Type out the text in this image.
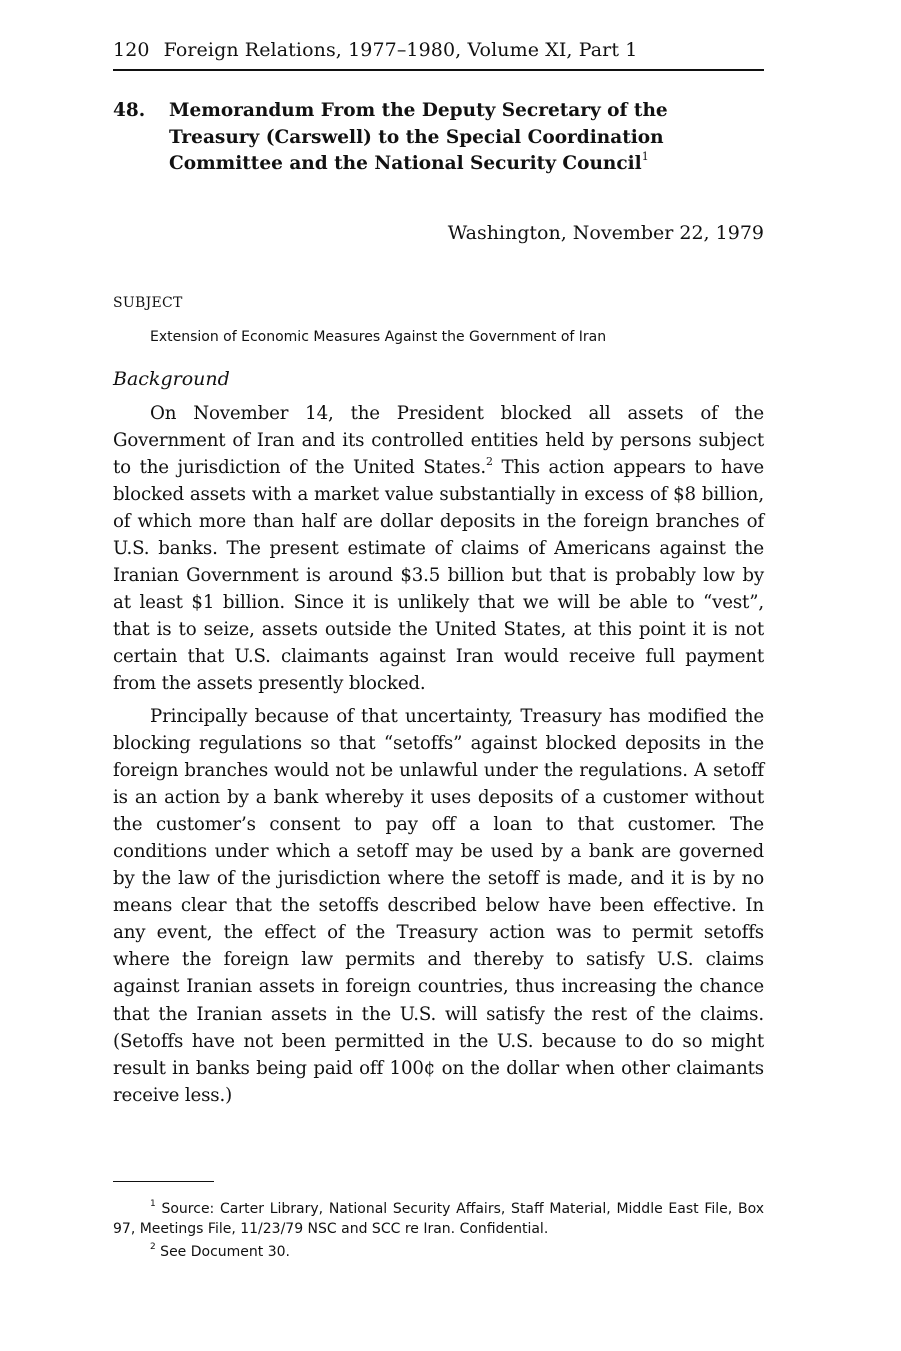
120 Foreign Relations, 1977–1980, Volume XI, Part 1
48.	Memorandum From the Deputy Secretary of the Treasury (Carswell) to the Special Coordination Committee and the National Security Council$^1$
Washington, November 22, 1979
SUBJECT
Extension of Economic Measures Against the Government of Iran
Background

On November 14, the President blocked all assets of the Government of Iran and its controlled entities held by persons subject to the jurisdiction of the United States.$^2$ This action appears to have blocked assets with a market value substantially in excess of $8 billion, of which more than half are dollar deposits in the foreign branches of U.S. banks. The present estimate of claims of Americans against the Iranian Government is around $3.5 billion but that is probably low by at least $1 billion. Since it is unlikely that we will be able to “vest”, that is to seize, assets outside the United States, at this point it is not certain that U.S. claimants against Iran would receive full payment from the assets presently blocked.

Principally because of that uncertainty, Treasury has modified the blocking regulations so that “setoffs” against blocked deposits in the foreign branches would not be unlawful under the regulations. A setoff is an action by a bank whereby it uses deposits of a customer without the customer’s consent to pay off a loan to that customer. The conditions under which a setoff may be used by a bank are governed by the law of the jurisdiction where the setoff is made, and it is by no means clear that the setoffs described below have been effective. In any event, the effect of the Treasury action was to permit setoffs where the foreign law permits and thereby to satisfy U.S. claims against Iranian assets in foreign countries, thus increasing the chance that the Iranian assets in the U.S. will satisfy the rest of the claims. (Setoffs have not been permitted in the U.S. because to do so might result in banks being paid off 100¢ on the dollar when other claimants receive less.)

$^1$ Source: Carter Library, National Security Affairs, Staff Material, Middle East File, Box 97, Meetings File, 11/23/79 NSC and SCC re Iran. Confidential.

$^2$ See Document 30.
